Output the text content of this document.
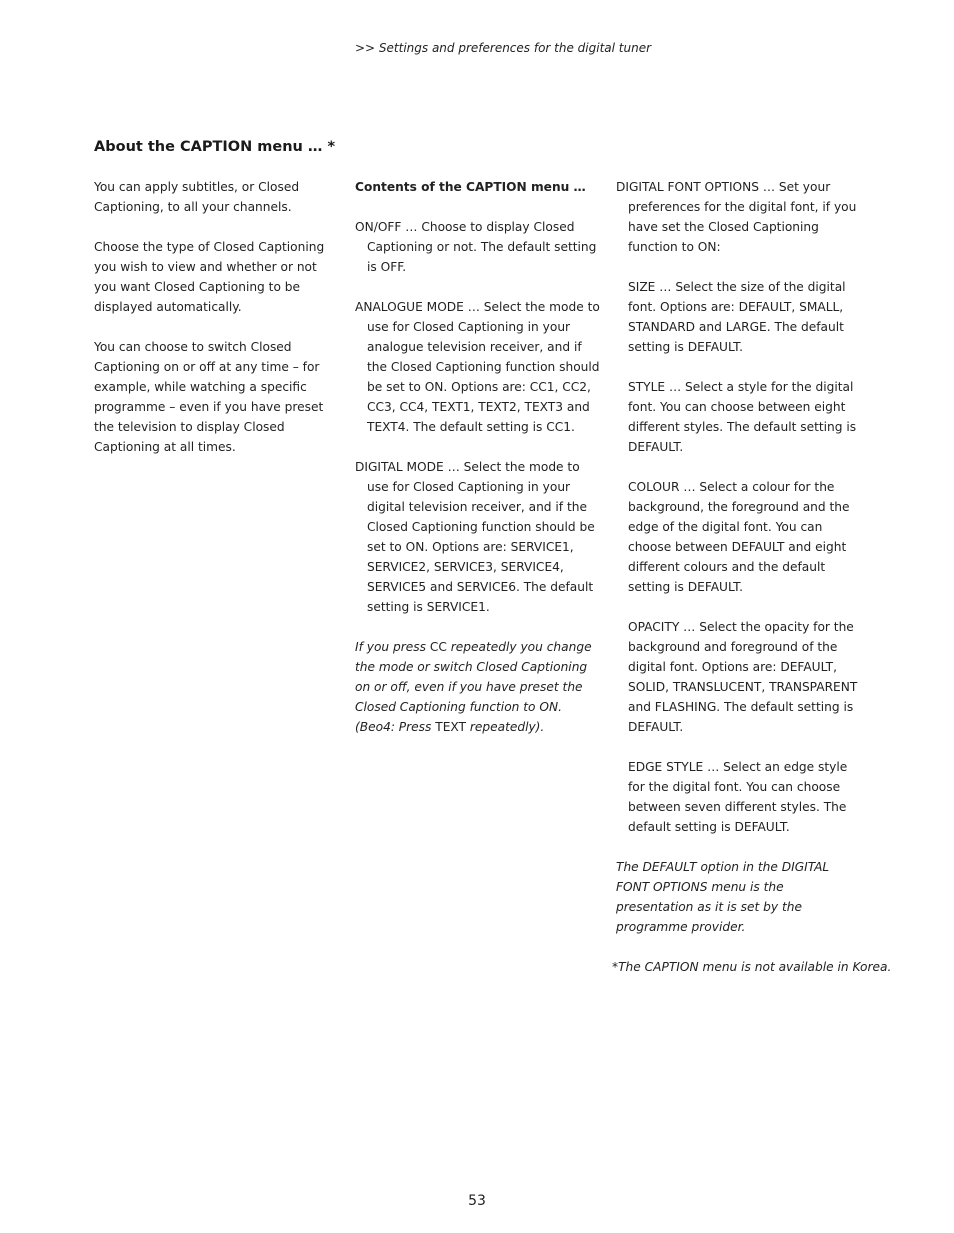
>> Settings and preferences for the digital tuner
About the CAPTION menu … *

You can apply subtitles, or Closed Captioning, to all your channels.

Choose the type of Closed Captioning you wish to view and whether or not you want Closed Captioning to be displayed automatically.

You can choose to switch Closed Captioning on or off at any time – for example, while watching a specific programme – even if you have preset the television to display Closed Captioning at all times.

Contents of the CAPTION menu …

ON/OFF … Choose to display Closed Captioning or not. The default setting is OFF.

ANALOGUE MODE … Select the mode to use for Closed Captioning in your analogue television receiver, and if the Closed Captioning function should be set to ON. Options are: CC1, CC2, CC3, CC4, TEXT1, TEXT2, TEXT3 and TEXT4. The default setting is CC1.

DIGITAL MODE … Select the mode to use for Closed Captioning in your digital television receiver, and if the Closed Captioning function should be set to ON. Options are: SERVICE1, SERVICE2, SERVICE3, SERVICE4, SERVICE5 and SERVICE6. The default setting is SERVICE1.

If you press CC repeatedly you change the mode or switch Closed Captioning on or off, even if you have preset the Closed Captioning function to ON. (Beo4: Press TEXT repeatedly).

DIGITAL FONT OPTIONS … Set your preferences for the digital font, if you have set the Closed Captioning function to ON:

SIZE … Select the size of the digital font. Options are: DEFAULT, SMALL, STANDARD and LARGE. The default setting is DEFAULT.

STYLE … Select a style for the digital font. You can choose between eight different styles. The default setting is DEFAULT.

COLOUR … Select a colour for the background, the foreground and the edge of the digital font. You can choose between DEFAULT and eight different colours and the default setting is DEFAULT.

OPACITY … Select the opacity for the background and foreground of the digital font. Options are: DEFAULT, SOLID, TRANSLUCENT, TRANSPARENT and FLASHING. The default setting is DEFAULT.

EDGE STYLE … Select an edge style for the digital font. You can choose between seven different styles. The default setting is DEFAULT.

The DEFAULT option in the DIGITAL FONT OPTIONS menu is the presentation as it is set by the programme provider.

*The CAPTION menu is not available in Korea.

53
